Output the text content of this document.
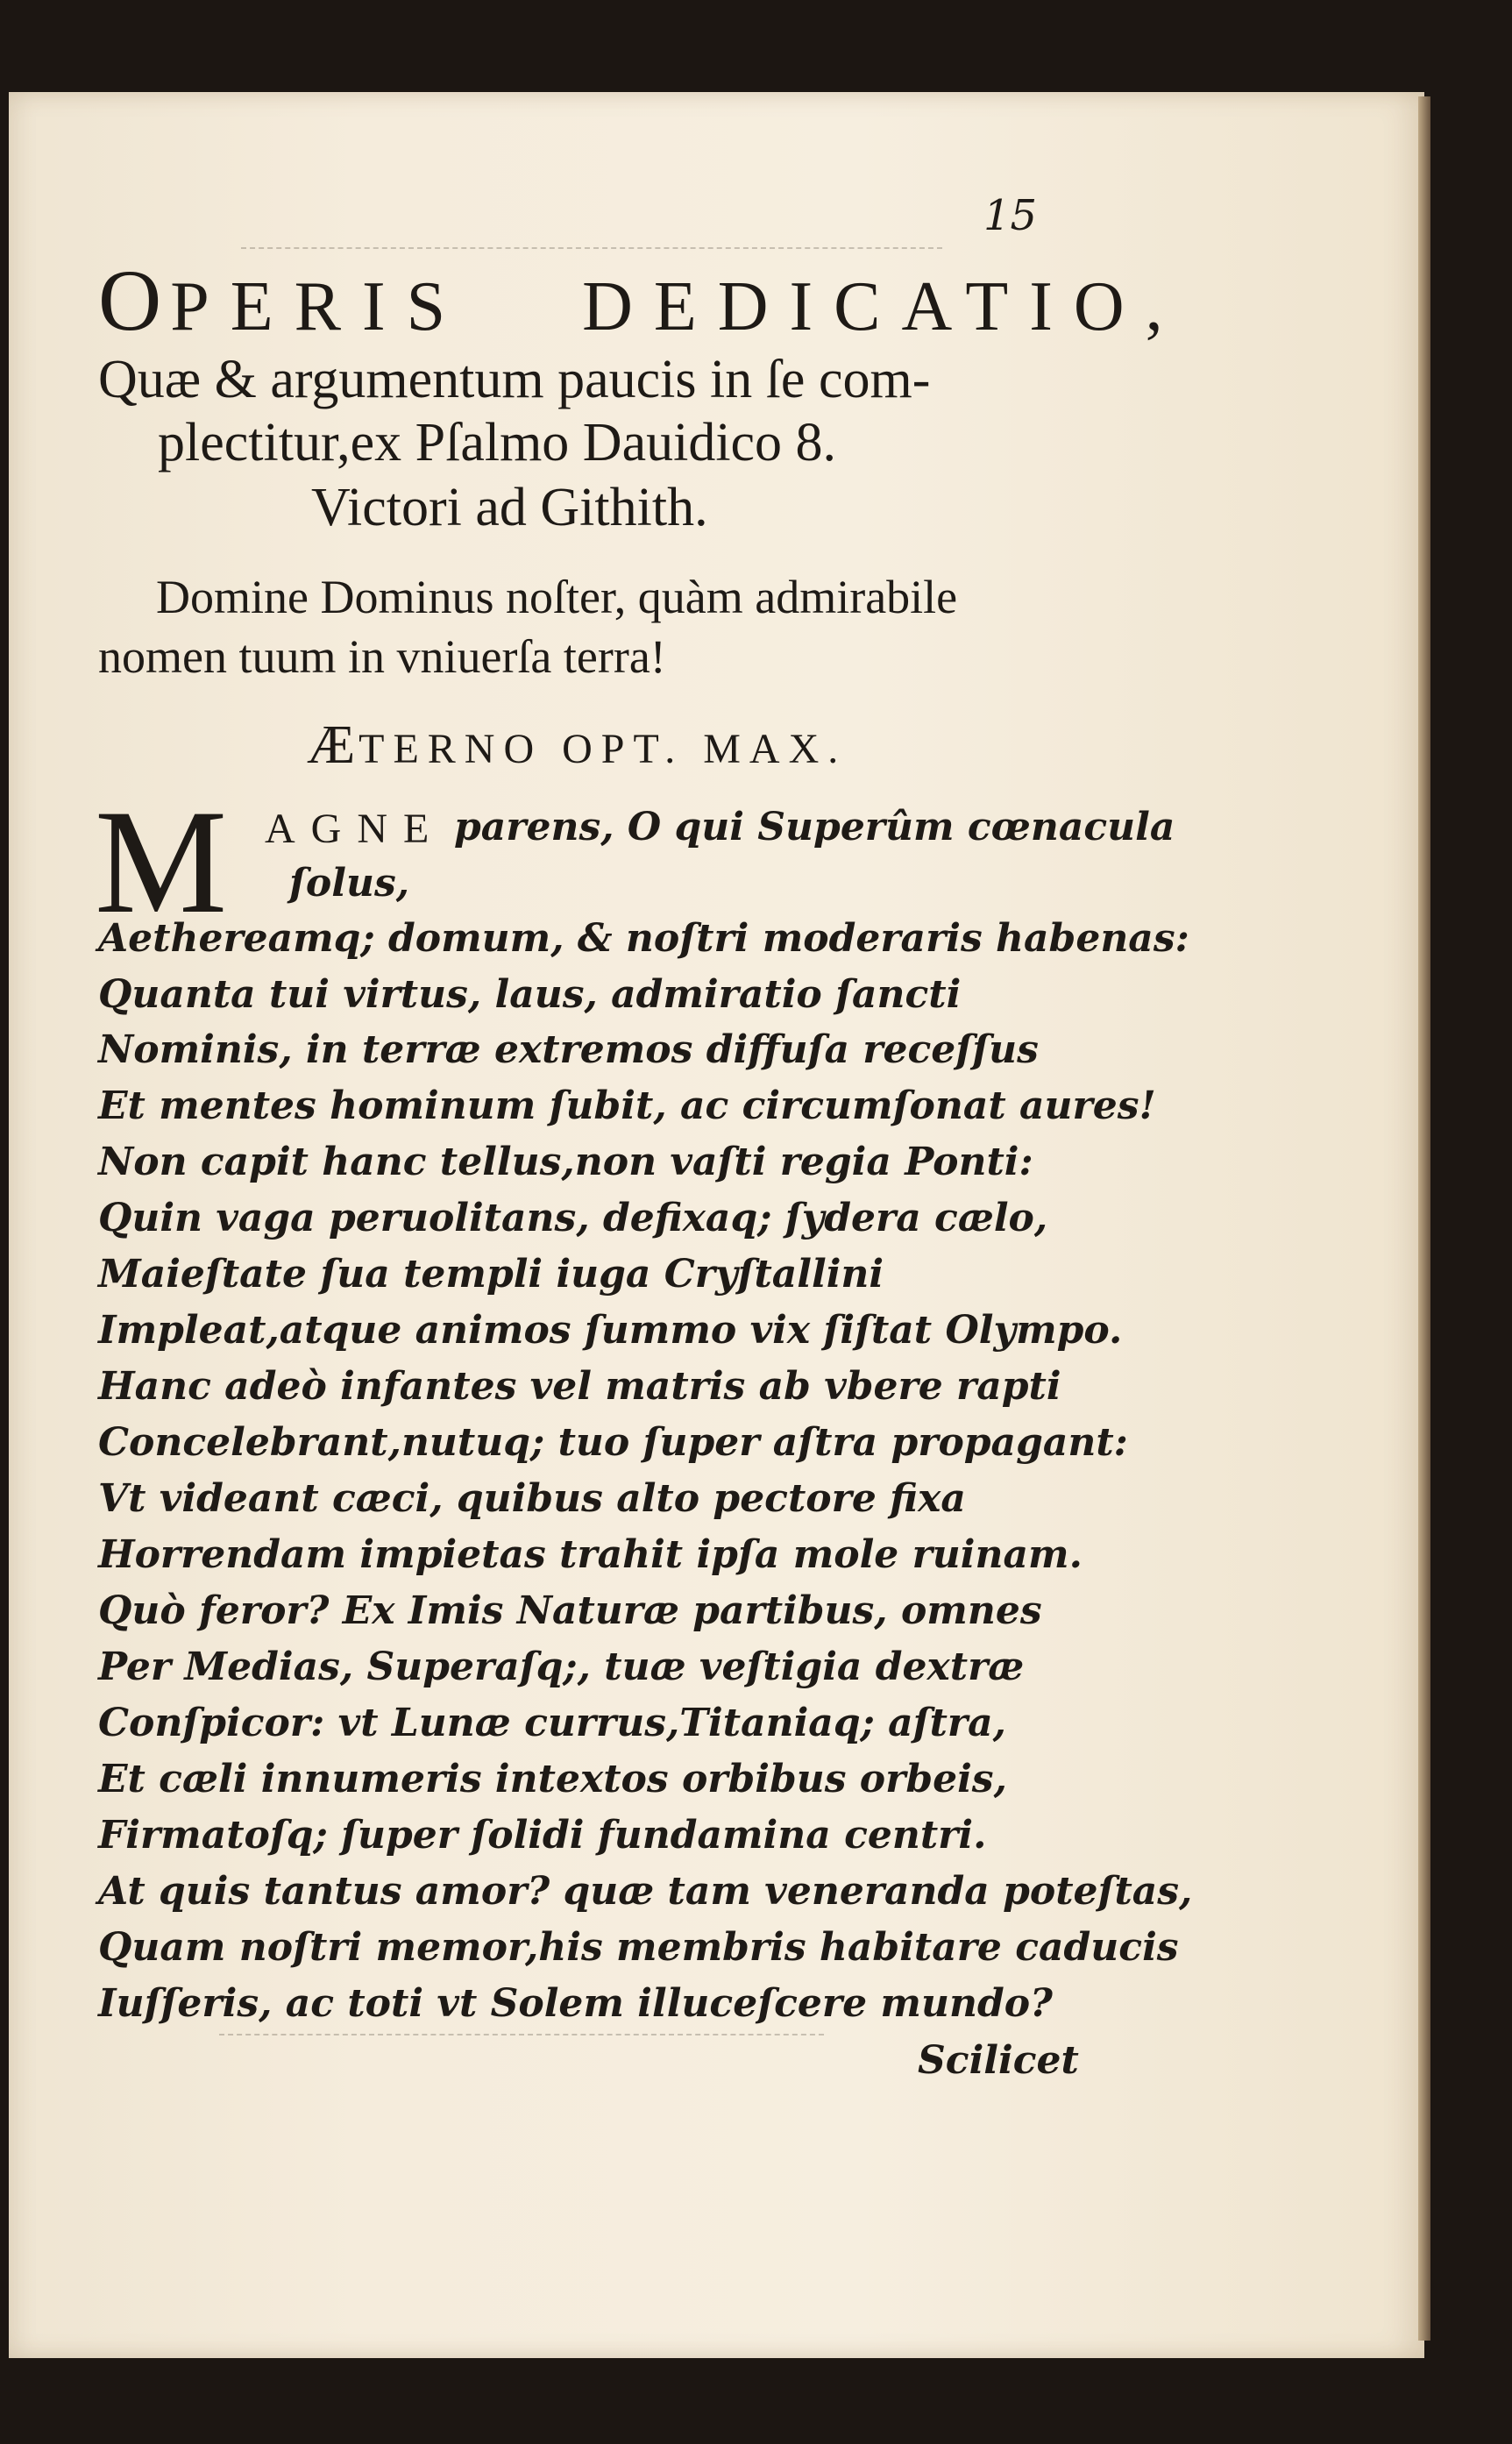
15
OPERIS DEDICATIO,
Quæ & argumentum paucis in ſe com-
plectitur,ex Pſalmo Dauidico 8.
Victori ad Githith.
Domine Dominus noſter, quàm admirabile
nomen tuum in vniuerſa terra!
ÆTERNO OPT. MAX.
M AGNE parens, O qui Superûm cœnacula
ſolus,
Aethereamq; domum, & noſtri moderaris habenas:
Quanta tui virtus, laus, admiratio ſancti
Nominis, in terræ extremos diffuſa receſſus
Et mentes hominum ſubit, ac circumſonat aures!
Non capit hanc tellus,non vaſti regia Ponti:
Quin vaga peruolitans, defixaq; ſydera cælo,
Maieſtate ſua templi iuga Cryſtallini
Impleat,atque animos ſummo vix ſiſtat Olympo.
Hanc adeò infantes vel matris ab vbere rapti
Concelebrant,nutuq; tuo ſuper aſtra propagant:
Vt videant cæci, quibus alto pectore fixa
Horrendam impietas trahit ipſa mole ruinam.
Quò feror? Ex Imis Naturæ partibus, omnes
Per Medias, Superaſq;, tuæ veſtigia dextræ
Conſpicor: vt Lunæ currus,Titaniaq; aſtra,
Et cæli innumeris intextos orbibus orbeis,
Firmatoſq; ſuper ſolidi fundamina centri.
At quis tantus amor? quæ tam veneranda poteſtas,
Quam noſtri memor,his membris habitare caducis
Iuſſeris, ac toti vt Solem illuceſcere mundo?
Scilicet
